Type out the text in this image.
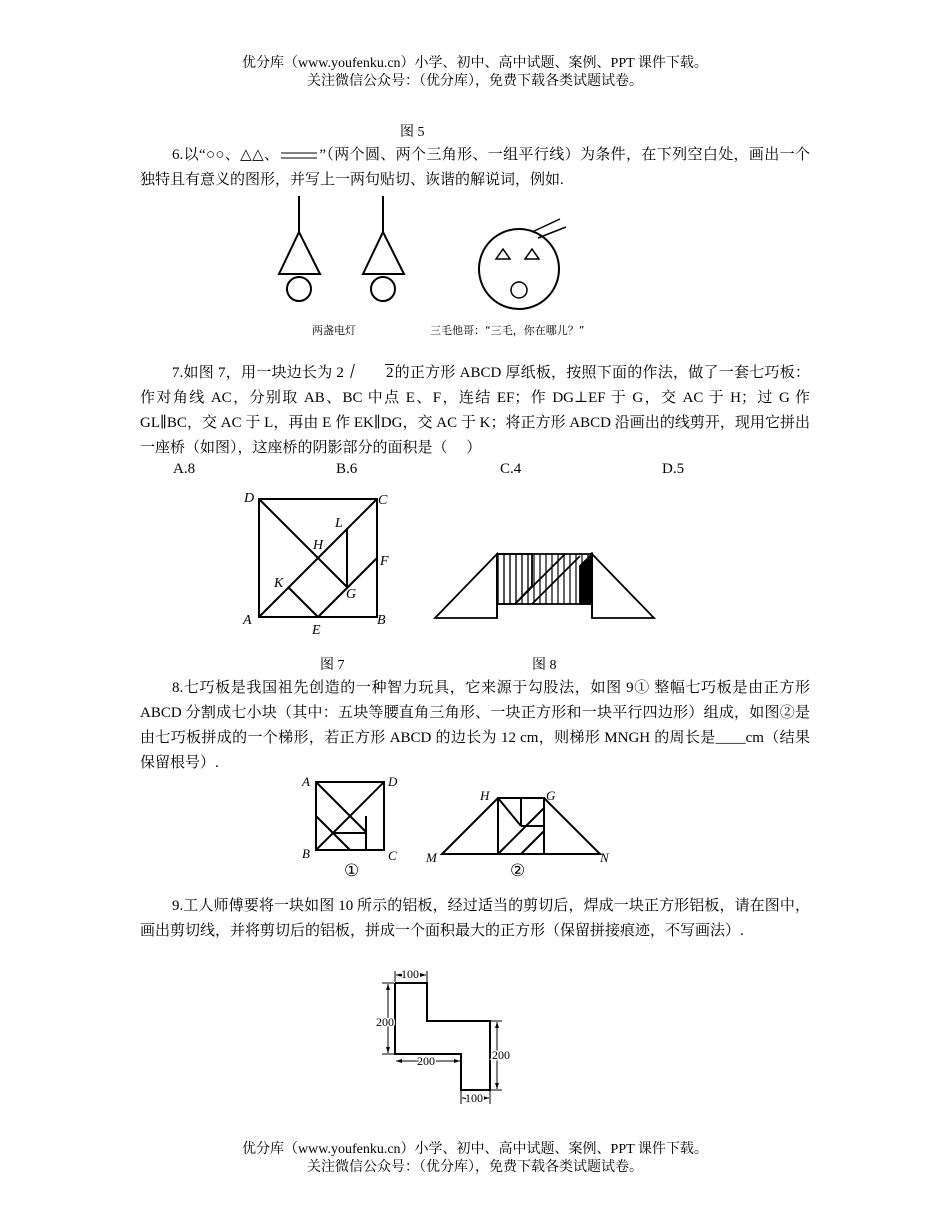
优分库（www.youfenku.cn）小学、初中、高中试题、案例、PPT 课件下载。
关注微信公众号：（优分库），免费下载各类试题试卷。
图 5
6.以“○○、△△、	”（两个圆、两个三角形、一组平行线）为条件，在下列空白处，画出一个独特且有意义的图形，并写上一两句贴切、诙谐的解说词，例如.
两盏电灯	三毛他哥：“三毛，你在哪儿？”
7.如图 7，用一块边长为 2	2的正方形 ABCD 厚纸板，按照下面的作法，做了一套七巧板：作对角线 AC，分别取 AB、BC 中点 E、F，连结 EF；作 DG⊥EF 于 G，交 AC 于 H；过 G 作 GL∥BC，交 AC 于 L，再由 E 作 EK∥DG，交 AC 于 K；将正方形 ABCD 沿画出的线剪开，现用它拼出一座桥（如图），这座桥的阴影部分的面积是（　 ）
A.8	B.6	C.4	D.5
D	C
L
H
F
K
G
A
E
B
图 7	图 8
8.七巧板是我国祖先创造的一种智力玩具，它来源于勾股法，如图 9① 整幅七巧板是由正方形 ABCD 分割成七小块（其中：五块等腰直角三角形、一块正方形和一块平行四边形）组成，如图②是由七巧板拼成的一个梯形，若正方形 ABCD 的边长为 12 cm，则梯形 MNGH 的周长是____cm（结果保留根号）.
A	D
B	C
①
H	G
M	N
②
9.工人师傅要将一块如图 10 所示的铝板，经过适当的剪切后，焊成一块正方形铝板，请在图中，画出剪切线，并将剪切后的铝板，拼成一个面积最大的正方形（保留拼接痕迹，不写画法）.
100
200
200	200
100
优分库（www.youfenku.cn）小学、初中、高中试题、案例、PPT 课件下载。
关注微信公众号：（优分库），免费下载各类试题试卷。
